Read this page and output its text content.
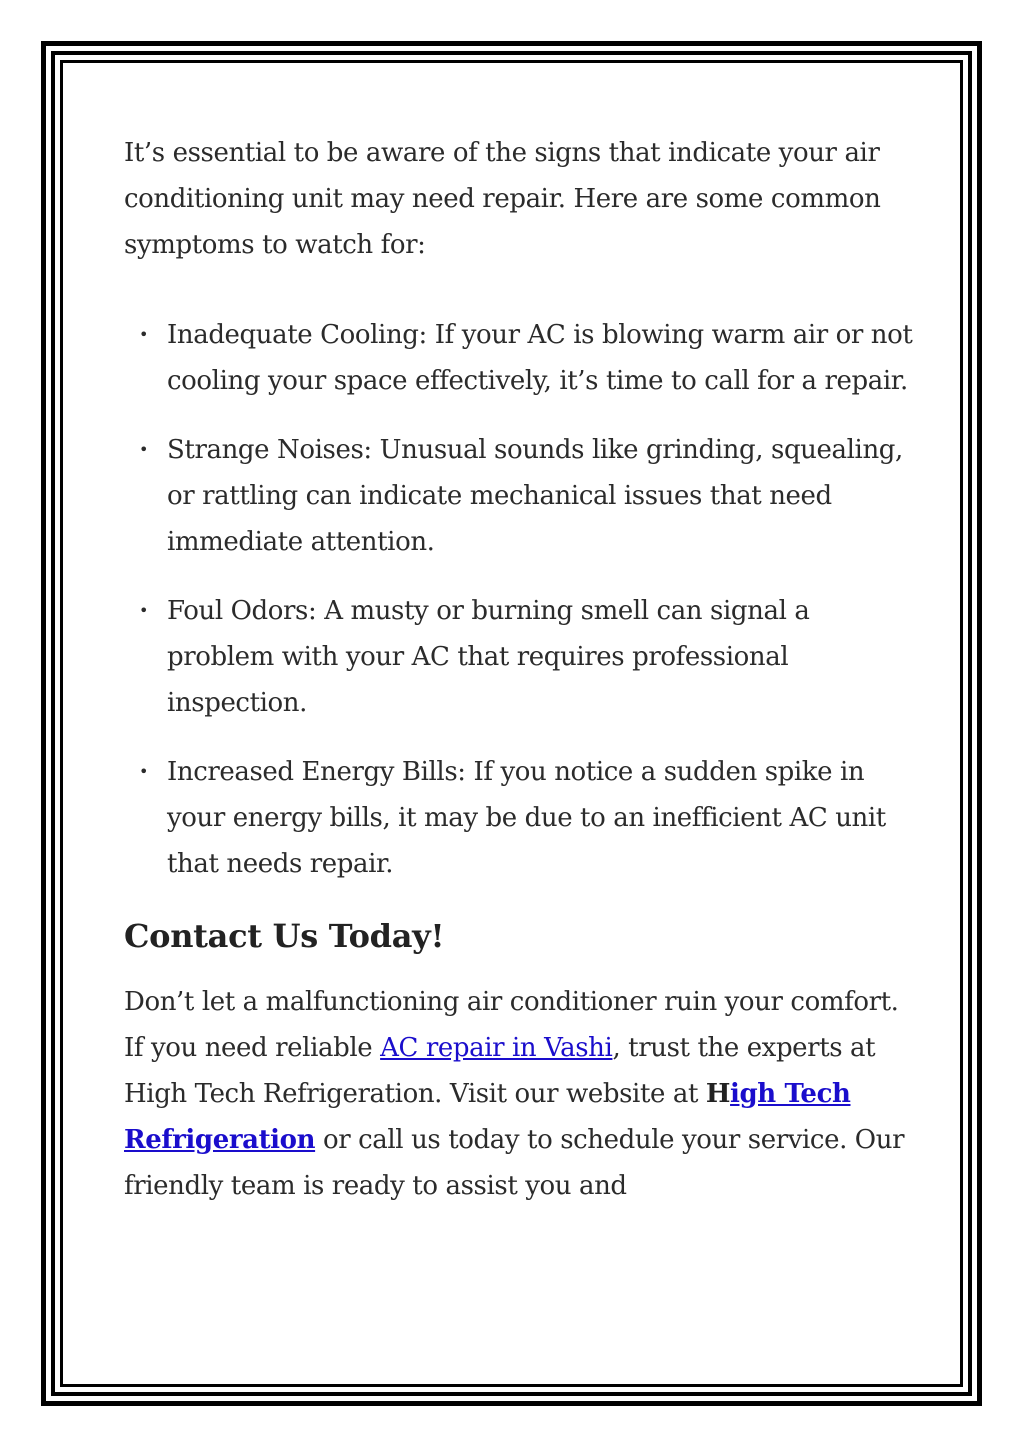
It’s essential to be aware of the signs that indicate your air conditioning unit may need repair. Here are some common symptoms to watch for:

• Inadequate Cooling: If your AC is blowing warm air or not cooling your space effectively, it’s time to call for a repair.
• Strange Noises: Unusual sounds like grinding, squealing, or rattling can indicate mechanical issues that need immediate attention.
• Foul Odors: A musty or burning smell can signal a problem with your AC that requires professional inspection.
• Increased Energy Bills: If you notice a sudden spike in your energy bills, it may be due to an inefficient AC unit that needs repair.
Contact Us Today!

Don’t let a malfunctioning air conditioner ruin your comfort. If you need reliable AC repair in Vashi, trust the experts at High Tech Refrigeration. Visit our website at High Tech Refrigeration or call us today to schedule your service. Our friendly team is ready to assist you and
